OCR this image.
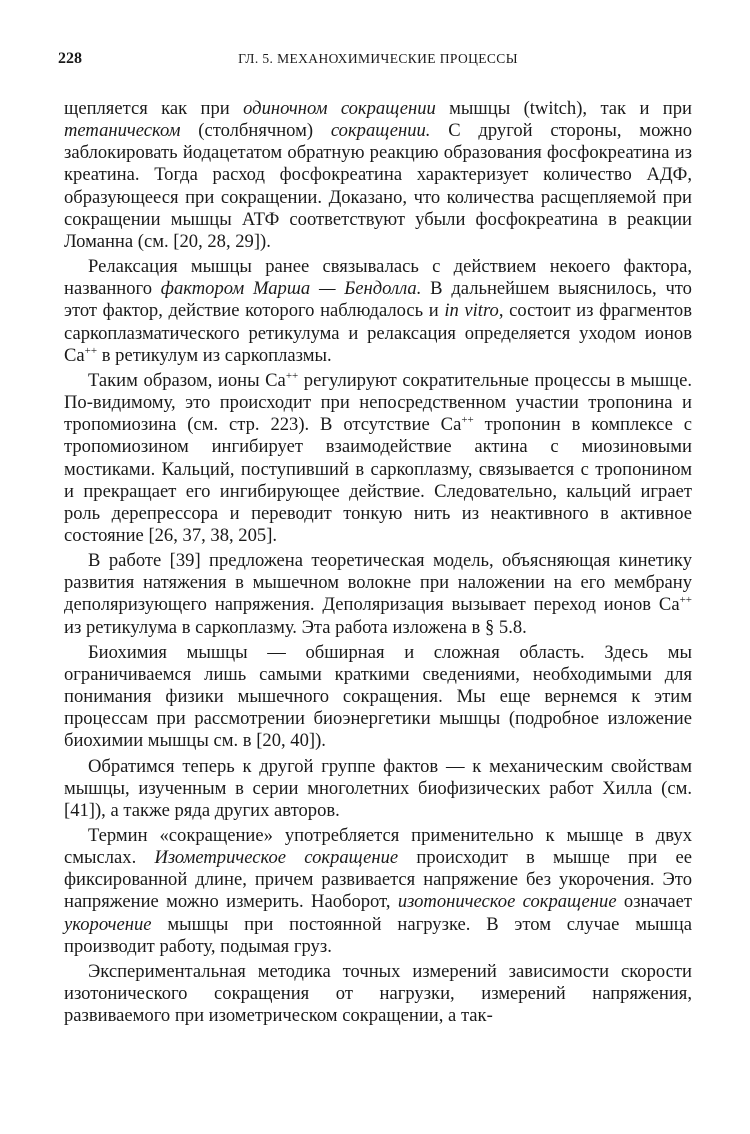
228	ГЛ. 5. МЕХАНОХИМИЧЕСКИЕ ПРОЦЕССЫ

щепляется как при одиночном сокращении мышцы (twitch), так и при тетаническом (столбнячном) сокращении. С другой стороны, можно заблокировать йодацетатом обратную реакцию образования фосфокреатина из креатина. Тогда расход фосфокреатина характеризует количество АДФ, образующееся при сокращении. Доказано, что количества расщепляемой при сокращении мышцы АТФ соответствуют убыли фосфокреатина в реакции Ломанна (см. [20, 28, 29]).

Релаксация мышцы ранее связывалась с действием некоего фактора, названного фактором Марша — Бендолла. В дальнейшем выяснилось, что этот фактор, действие которого наблюдалось и in vitro, состоит из фрагментов саркоплазматического ретикулума и релаксация определяется уходом ионов Ca++ в ретикулум из саркоплазмы.

Таким образом, ионы Ca++ регулируют сократительные процессы в мышце. По-видимому, это происходит при непосредственном участии тропонина и тропомиозина (см. стр. 223). В отсутствие Ca++ тропонин в комплексе с тропомиозином ингибирует взаимодействие актина с миозиновыми мостиками. Кальций, поступивший в саркоплазму, связывается с тропонином и прекращает его ингибирующее действие. Следовательно, кальций играет роль дерепрессора и переводит тонкую нить из неактивного в активное состояние [26, 37, 38, 205].

В работе [39] предложена теоретическая модель, объясняющая кинетику развития натяжения в мышечном волокне при наложении на его мембрану деполяризующего напряжения. Деполяризация вызывает переход ионов Ca++ из ретикулума в саркоплазму. Эта работа изложена в § 5.8.

Биохимия мышцы — обширная и сложная область. Здесь мы ограничиваемся лишь самыми краткими сведениями, необходимыми для понимания физики мышечного сокращения. Мы еще вернемся к этим процессам при рассмотрении биоэнергетики мышцы (подробное изложение биохимии мышцы см. в [20, 40]).

Обратимся теперь к другой группе фактов — к механическим свойствам мышцы, изученным в серии многолетних биофизических работ Хилла (см. [41]), а также ряда других авторов.

Термин «сокращение» употребляется применительно к мышце в двух смыслах. Изометрическое сокращение происходит в мышце при ее фиксированной длине, причем развивается напряжение без укорочения. Это напряжение можно измерить. Наоборот, изотоническое сокращение означает укорочение мышцы при постоянной нагрузке. В этом случае мышца производит работу, подымая груз.

Экспериментальная методика точных измерений зависимости скорости изотонического сокращения от нагрузки, измерений напряжения, развиваемого при изометрическом сокращении, а так-
